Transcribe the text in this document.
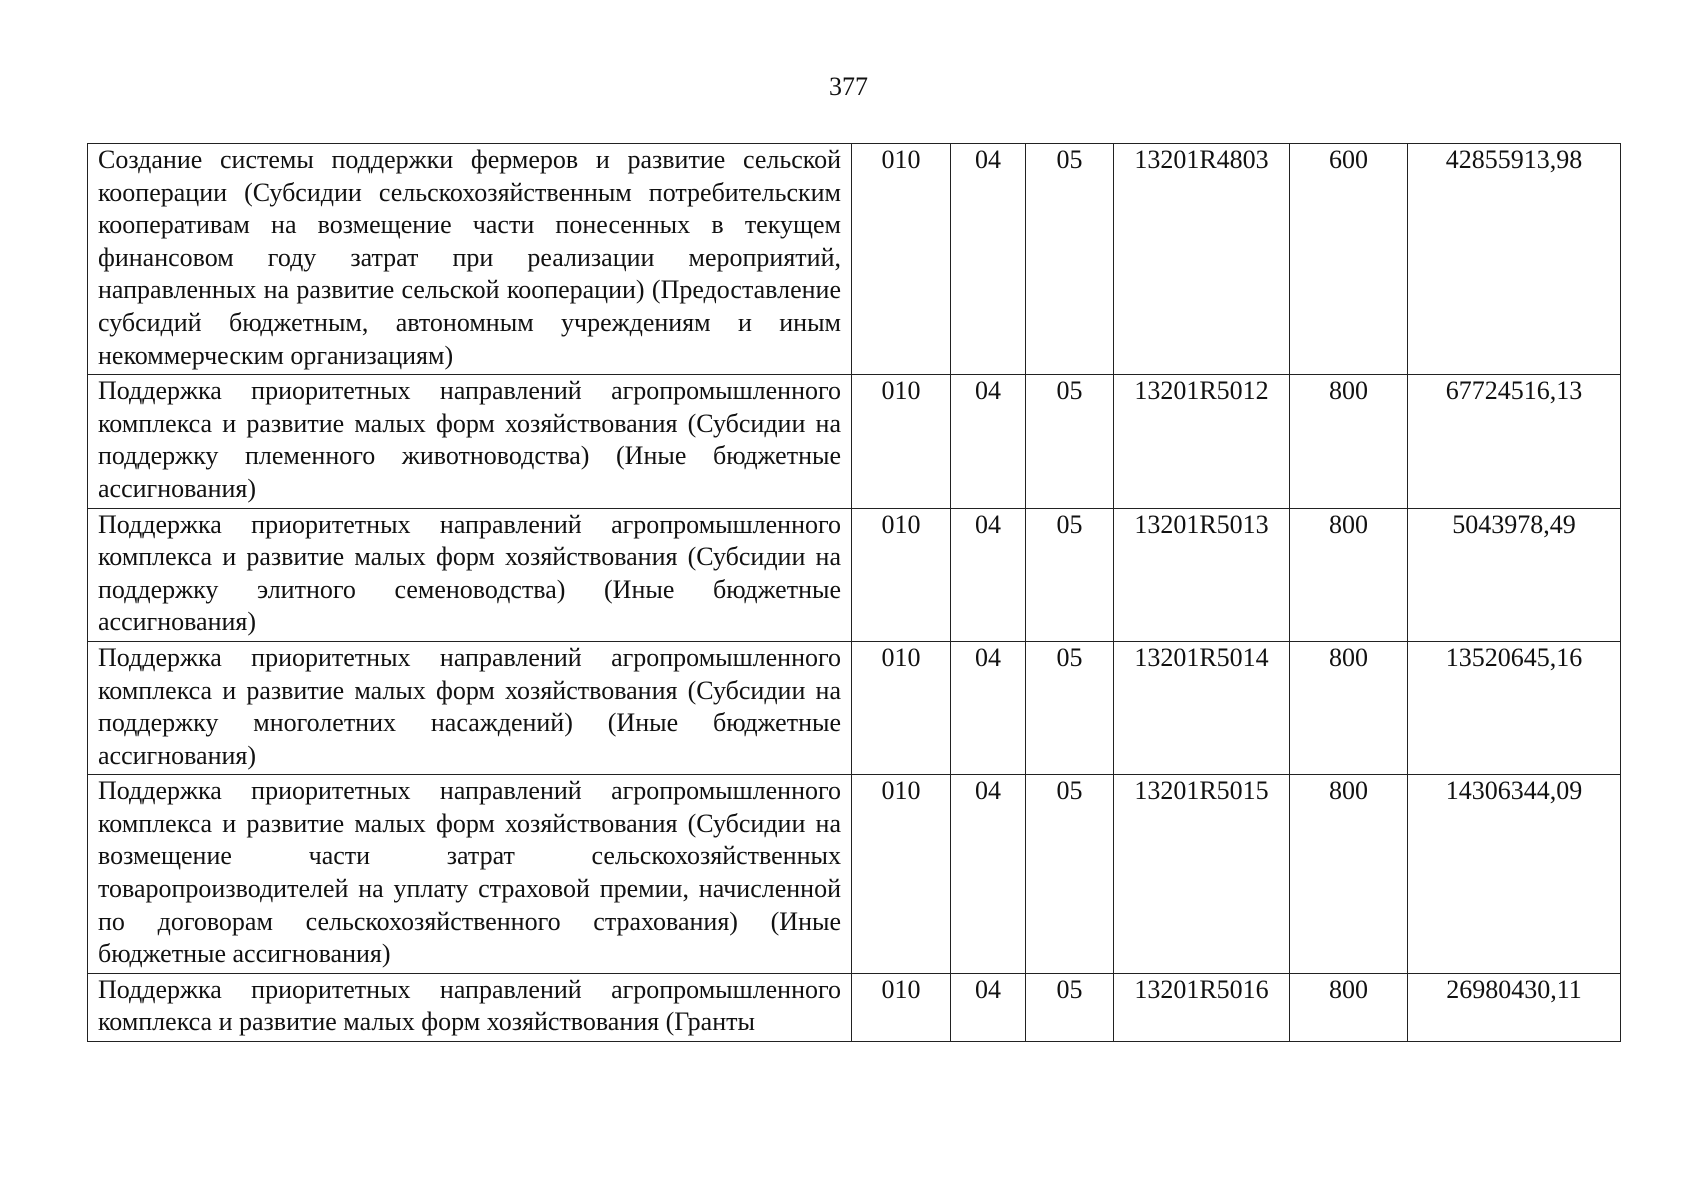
377
Создание системы поддержки фермеров и развитие сельской кооперации (Субсидии сельскохозяйственным потребительским кооперативам на возмещение части понесенных в текущем финансовом году затрат при реализации мероприятий, направленных на развитие сельской кооперации) (Предоставление субсидий бюджетным, автономным учреждениям и иным некоммерческим организациям)	010	04	05	13201R4803	600	42855913,98
Поддержка приоритетных направлений агропромышленного комплекса и развитие малых форм хозяйствования (Субсидии на поддержку племенного животноводства) (Иные бюджетные ассигнования)	010	04	05	13201R5012	800	67724516,13
Поддержка приоритетных направлений агропромышленного комплекса и развитие малых форм хозяйствования (Субсидии на поддержку элитного семеноводства) (Иные бюджетные ассигнования)	010	04	05	13201R5013	800	5043978,49
Поддержка приоритетных направлений агропромышленного комплекса и развитие малых форм хозяйствования (Субсидии на поддержку многолетних насаждений) (Иные бюджетные ассигнования)	010	04	05	13201R5014	800	13520645,16
Поддержка приоритетных направлений агропромышленного комплекса и развитие малых форм хозяйствования (Субсидии на возмещение части затрат сельскохозяйственных товаропроизводителей на уплату страховой премии, начисленной по договорам сельскохозяйственного страхования) (Иные бюджетные ассигнования)	010	04	05	13201R5015	800	14306344,09
Поддержка приоритетных направлений агропромышленного комплекса и развитие малых форм хозяйствования (Гранты	010	04	05	13201R5016	800	26980430,11
